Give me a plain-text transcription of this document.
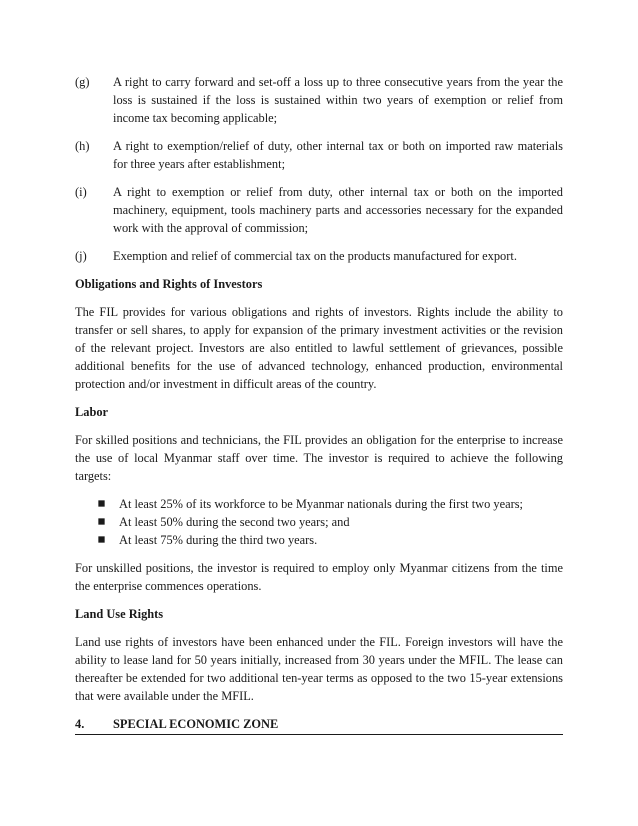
(g)	A right to carry forward and set-off a loss up to three consecutive years from the year the loss is sustained if the loss is sustained within two years of exemption or relief from income tax becoming applicable;
(h)	A right to exemption/relief of duty, other internal tax or both on imported raw materials for three years after establishment;
(i)	A right to exemption or relief from duty, other internal tax or both on the imported machinery, equipment, tools machinery parts and accessories necessary for the expanded work with the approval of commission;
(j)	Exemption and relief of commercial tax on the products manufactured for export.
Obligations and Rights of Investors
The FIL provides for various obligations and rights of investors. Rights include the ability to transfer or sell shares, to apply for expansion of the primary investment activities or the revision of the relevant project. Investors are also entitled to lawful settlement of grievances, possible additional benefits for the use of advanced technology, enhanced production, environmental protection and/or investment in difficult areas of the country.
Labor
For skilled positions and technicians, the FIL provides an obligation for the enterprise to increase the use of local Myanmar staff over time. The investor is required to achieve the following targets:
At least 25% of its workforce to be Myanmar nationals during the first two years;
At least 50% during the second two years; and
At least 75% during the third two years.
For unskilled positions, the investor is required to employ only Myanmar citizens from the time the enterprise commences operations.
Land Use Rights
Land use rights of investors have been enhanced under the FIL. Foreign investors will have the ability to lease land for 50 years initially, increased from 30 years under the MFIL. The lease can thereafter be extended for two additional ten-year terms as opposed to the two 15-year extensions that were available under the MFIL.
4.	SPECIAL ECONOMIC ZONE
